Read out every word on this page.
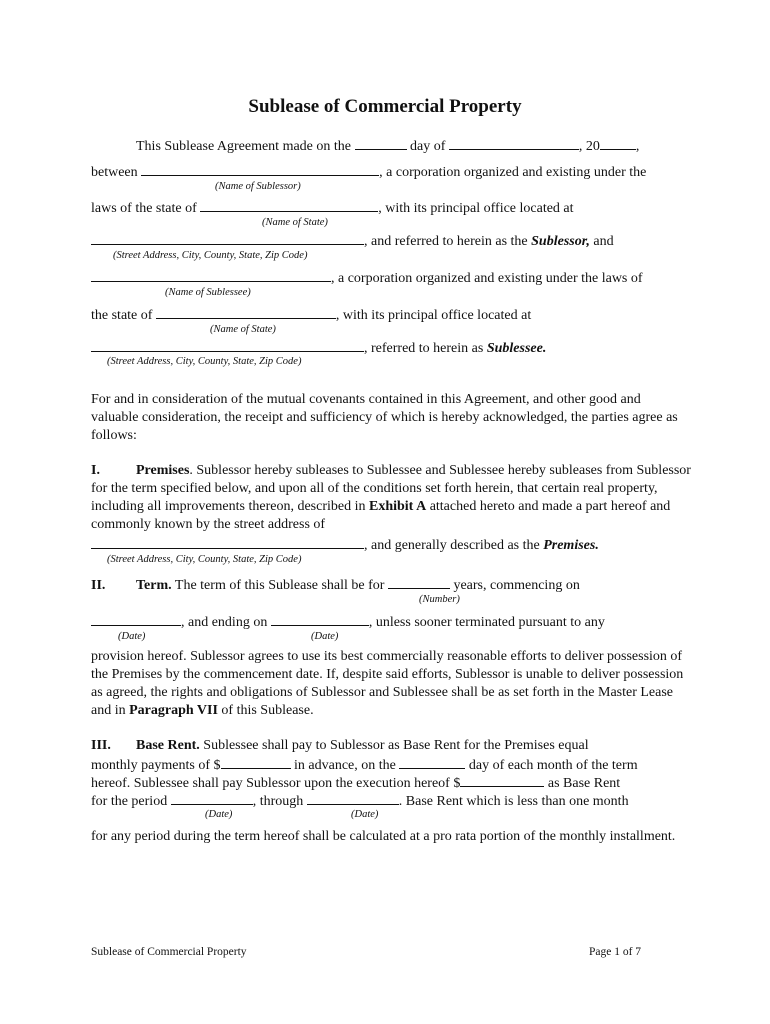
Sublease of Commercial Property
This Sublease Agreement made on the	day of	, 20	,
between	, a corporation organized and existing under the
(Name of Sublessor)
laws of the state of	, with its principal office located at
(Name of State)
, and referred to herein as the Sublessor, and
(Street Address, City, County, State, Zip Code)
, a corporation organized and existing under the laws of
(Name of Sublessee)
the state of	, with its principal office located at
(Name of State)
, referred to herein as Sublessee.
(Street Address, City, County, State, Zip Code)
For and in consideration of the mutual covenants contained in this Agreement, and other good and valuable consideration, the receipt and sufficiency of which is hereby acknowledged, the parties agree as follows:
I.	Premises. Sublessor hereby subleases to Sublessee and Sublessee hereby subleases from Sublessor for the term specified below, and upon all of the conditions set forth herein, that certain real property, including all improvements thereon, described in Exhibit A attached hereto and made a part hereof and commonly known by the street address of
, and generally described as the Premises.
(Street Address, City, County, State, Zip Code)
II. Term. The term of this Sublease shall be for	years, commencing on
(Number)
, and ending on	, unless sooner terminated pursuant to any
(Date)	(Date)
provision hereof. Sublessor agrees to use its best commercially reasonable efforts to deliver possession of the Premises by the commencement date. If, despite said efforts, Sublessor is unable to deliver possession as agreed, the rights and obligations of Sublessor and Sublessee shall be as set forth in the Master Lease and in Paragraph VII of this Sublease.
III. Base Rent. Sublessee shall pay to Sublessor as Base Rent for the Premises equal
monthly payments of $	in advance, on the	day of each month of the term
hereof. Sublessee shall pay Sublessor upon the execution hereof $	as Base Rent
for the period	, through	. Base Rent which is less than one month
(Date)	(Date)
for any period during the term hereof shall be calculated at a pro rata portion of the monthly installment.
Sublease of Commercial Property	Page 1 of 7
